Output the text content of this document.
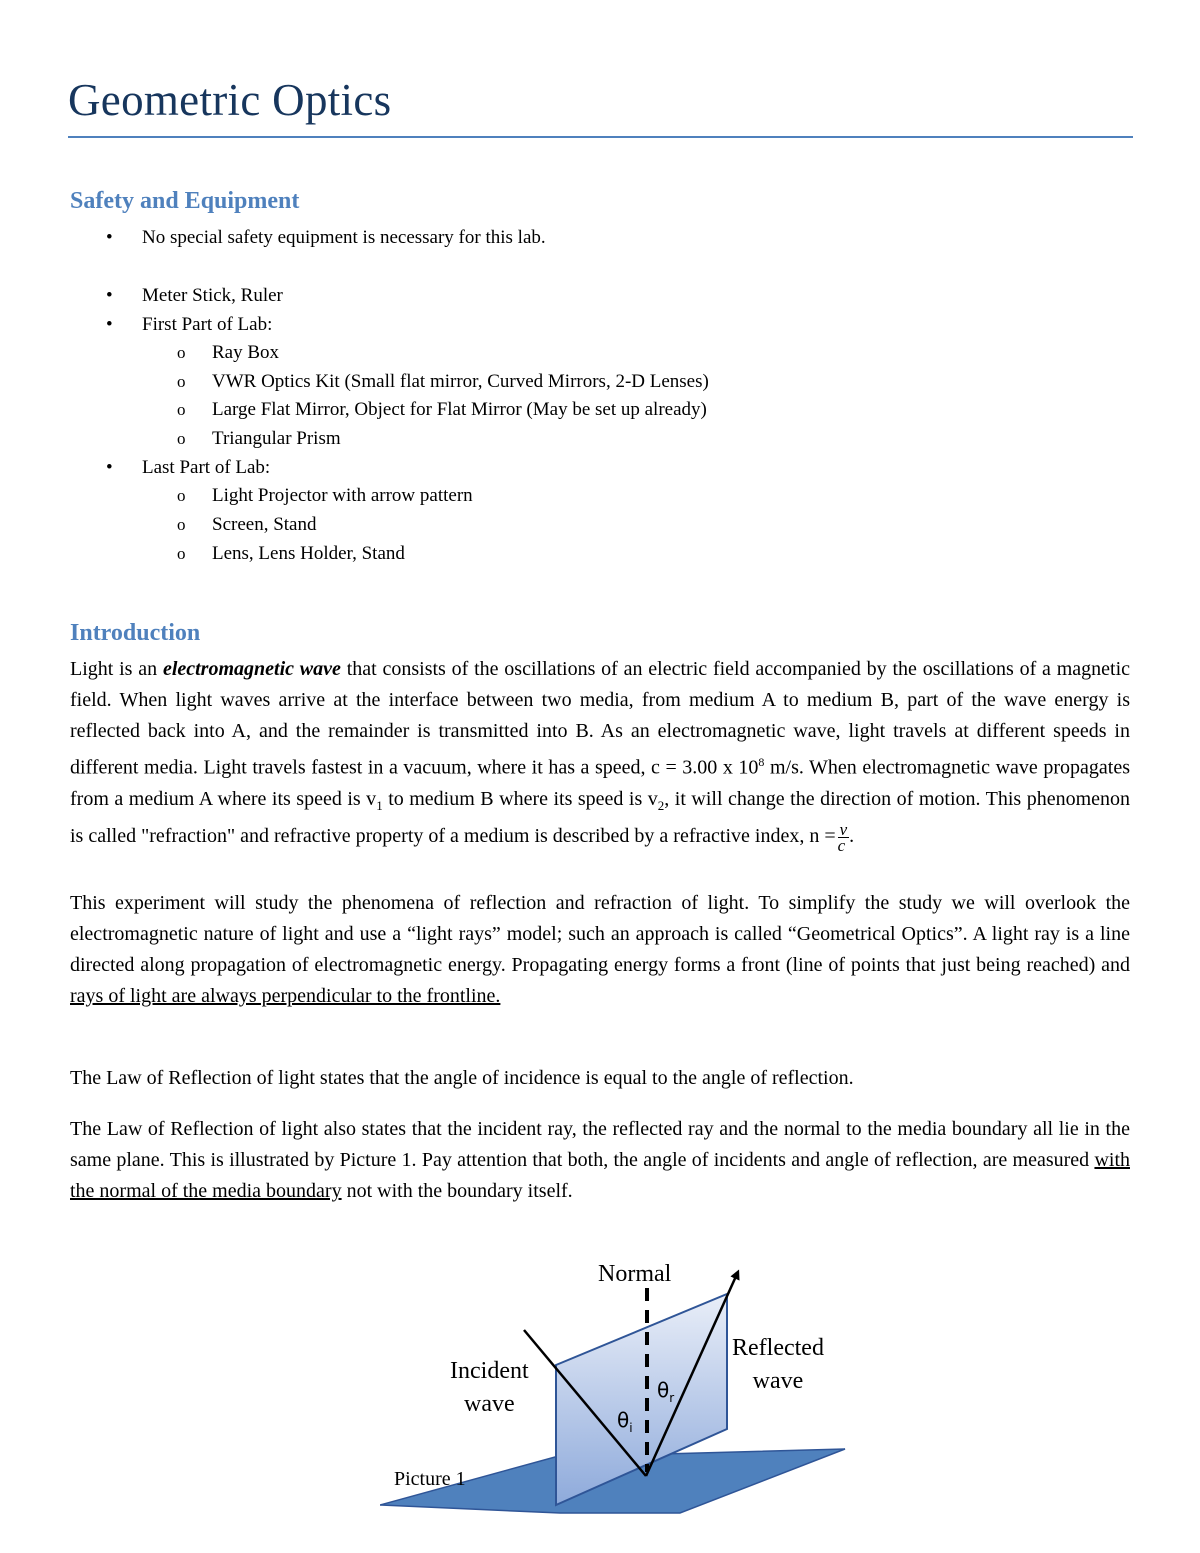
Geometric Optics
Safety and Equipment
• No special safety equipment is necessary for this lab.
• Meter Stick, Ruler
• First Part of Lab:
o Ray Box
o VWR Optics Kit (Small flat mirror, Curved Mirrors, 2-D Lenses)
o Large Flat Mirror, Object for Flat Mirror (May be set up already)
o Triangular Prism
• Last Part of Lab:
o Light Projector with arrow pattern
o Screen, Stand
o Lens, Lens Holder, Stand
Introduction

Light is an electromagnetic wave that consists of the oscillations of an electric field accompanied by the oscillations of a magnetic field. When light waves arrive at the interface between two media, from medium A to medium B, part of the wave energy is reflected back into A, and the remainder is transmitted into B. As an electromagnetic wave, light travels at different speeds in different media. Light travels fastest in a vacuum, where it has a speed, c = 3.00 x $10^8$ m/s. When electromagnetic wave propagates from a medium A where its speed is $v_1$ to medium B where its speed is $v_2$, it will change the direction of motion. This phenomenon is called "refraction" and refractive property of a medium is described by a refractive index, $n = \frac{v}{c}$ .

This experiment will study the phenomena of reflection and refraction of light. To simplify the study we will overlook the electromagnetic nature of light and use a “light rays” model; such an approach is called “Geometrical Optics”. A light ray is a line directed along propagation of electromagnetic energy. Propagating energy forms a front (line of points that just being reached) and rays of light are always perpendicular to the frontline.

The Law of Reflection of light states that the angle of incidence is equal to the angle of reflection.

The Law of Reflection of light also states that the incident ray, the reflected ray and the normal to the media boundary all lie in the same plane. This is illustrated by Picture 1. Pay attention that both, the angle of incidents and angle of reflection, are measured with the normal of the media boundary not with the boundary itself.

Normal
Incident
wave
Reflected
wave
$\theta_r$
$\theta_i$
Picture 1
